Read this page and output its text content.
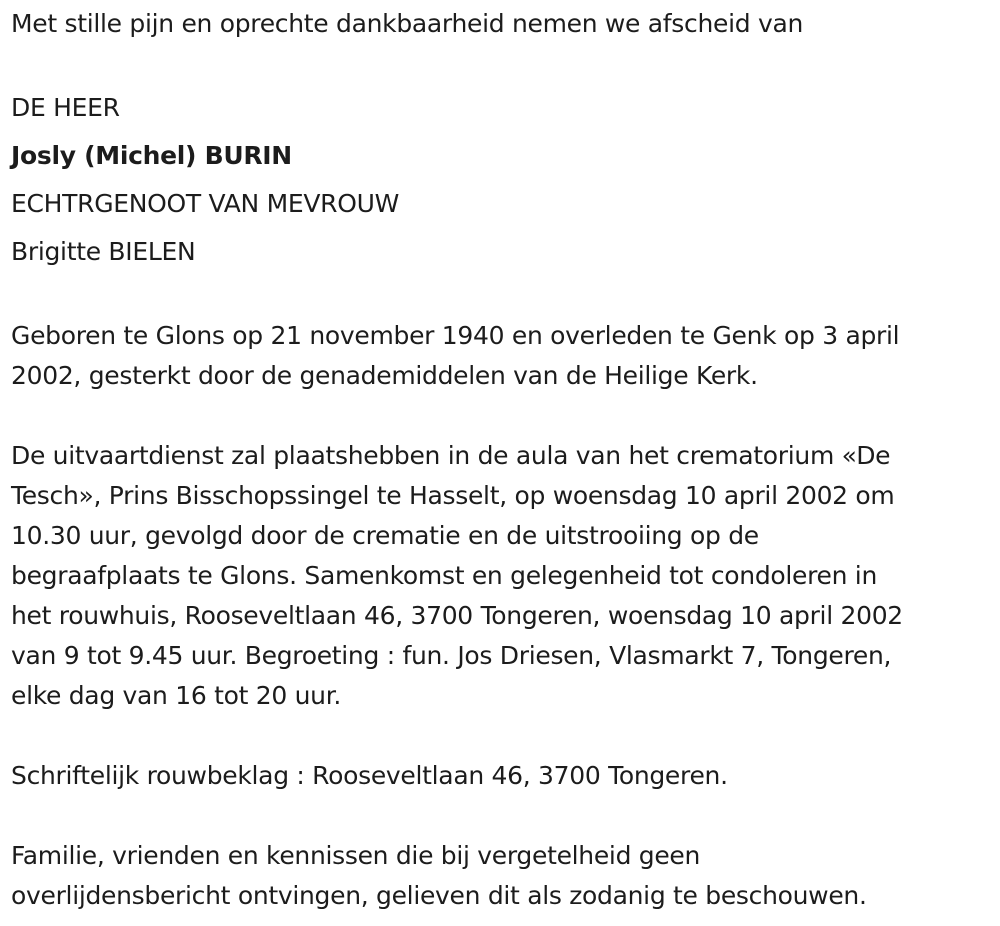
Met stille pijn en oprechte dankbaarheid nemen we afscheid van

DE HEER

Josly (Michel) BURIN

ECHTRGENOOT VAN MEVROUW

Brigitte BIELEN

Geboren te Glons op 21 november 1940 en overleden te Genk op 3 april

2002, gesterkt door de genademiddelen van de Heilige Kerk.

De uitvaartdienst zal plaatshebben in de aula van het crematorium «De

Tesch», Prins Bisschopssingel te Hasselt, op woensdag 10 april 2002 om

10.30 uur, gevolgd door de crematie en de uitstrooiing op de

begraafplaats te Glons. Samenkomst en gelegenheid tot condoleren in

het rouwhuis, Rooseveltlaan 46, 3700 Tongeren, woensdag 10 april 2002

van 9 tot 9.45 uur. Begroeting : fun. Jos Driesen, Vlasmarkt 7, Tongeren,

elke dag van 16 tot 20 uur.

Schriftelijk rouwbeklag : Rooseveltlaan 46, 3700 Tongeren.

Familie, vrienden en kennissen die bij vergetelheid geen

overlijdensbericht ontvingen, gelieven dit als zodanig te beschouwen.
